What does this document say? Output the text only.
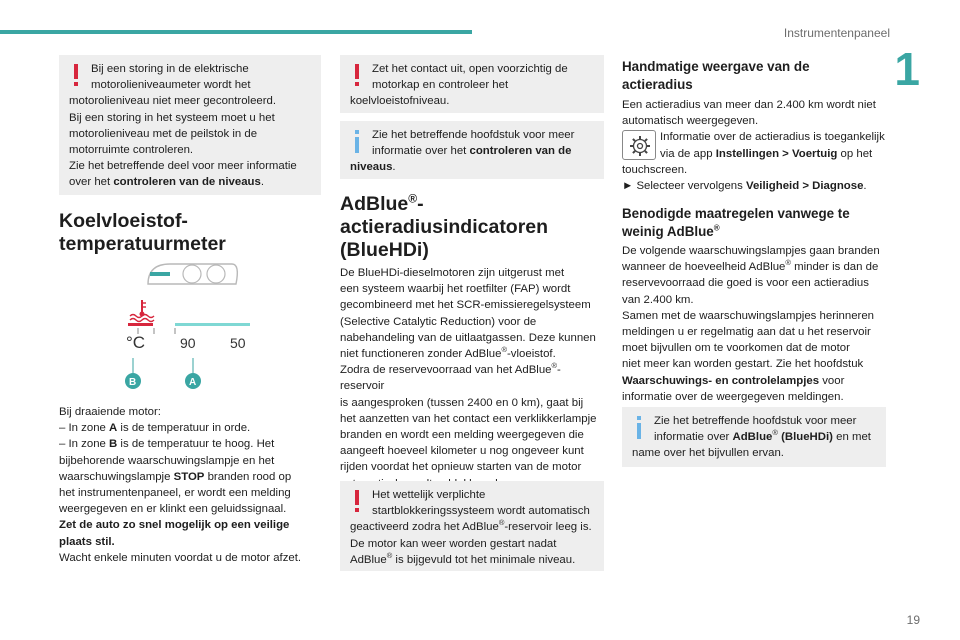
Instrumentenpaneel
1

Bij een storing in de elektrische

motorolieniveaumeter wordt het

motorolieniveau niet meer gecontroleerd.

Bij een storing in het systeem moet u het

motorolieniveau met de peilstok in de

motorruimte controleren.

Zie het betreffende deel voor meer informatie

over het controleren van de niveaus.

Koelvloeistof-
temperatuurmeter
°C 90 50
B	A

Bij draaiende motor:

– In zone A is de temperatuur in orde.

– In zone B is de temperatuur te hoog. Het

bijbehorende waarschuwingslampje en het

waarschuwingslampje STOP branden rood op

het instrumentenpaneel, er wordt een melding

weergegeven en er klinkt een geluidssignaal.

Zet de auto zo snel mogelijk op een veilige

plaats stil.

Wacht enkele minuten voordat u de motor afzet.

Zet het contact uit, open voorzichtig de

motorkap en controleer het

koelvloeistofniveau.

Zie het betreffende hoofdstuk voor meer

informatie over het controleren van de

niveaus.

AdBlue®-
actieradiusindicatoren
(BlueHDi)

De BlueHDi-dieselmotoren zijn uitgerust met

een systeem waarbij het roetfilter (FAP) wordt

gecombineerd met het SCR-emissieregelsysteem

(Selective Catalytic Reduction) voor de

nabehandeling van de uitlaatgassen. Deze kunnen

niet functioneren zonder AdBlue®-vloeistof.

Zodra de reservevoorraad van het AdBlue®-reservoir

is aangesproken (tussen 2400 en 0 km), gaat bij

het aanzetten van het contact een verklikkerlampje

branden en wordt een melding weergegeven die

aangeeft hoeveel kilometer u nog ongeveer kunt

rijden voordat het opnieuw starten van de motor

Het wettelijk verplichte

startblokkeringssysteem wordt automatisch

geactiveerd zodra het AdBlue®-reservoir leeg is.

De motor kan weer worden gestart nadat

AdBlue® is bijgevuld tot het minimale niveau.

Handmatige weergave van de
actieradius

Een actieradius van meer dan 2.400 km wordt niet

automatisch weergegeven.

Informatie over de actieradius is toegankelijk

via de app Instellingen > Voertuig op het

touchscreen.

► Selecteer vervolgens Veiligheid > Diagnose.

Benodigde maatregelen vanwege te
weinig AdBlue®

De volgende waarschuwingslampjes gaan branden

wanneer de hoeveelheid AdBlue® minder is dan de

reservevoorraad die goed is voor een actieradius

van 2.400 km.

Samen met de waarschuwingslampjes herinneren

meldingen u er regelmatig aan dat u het reservoir

moet bijvullen om te voorkomen dat de motor

niet meer kan worden gestart. Zie het hoofdstuk

Waarschuwings- en controlelampjes voor

informatie over de weergegeven meldingen.

Zie het betreffende hoofdstuk voor meer

informatie over AdBlue® (BlueHDi) en met

name over het bijvullen ervan.

19
